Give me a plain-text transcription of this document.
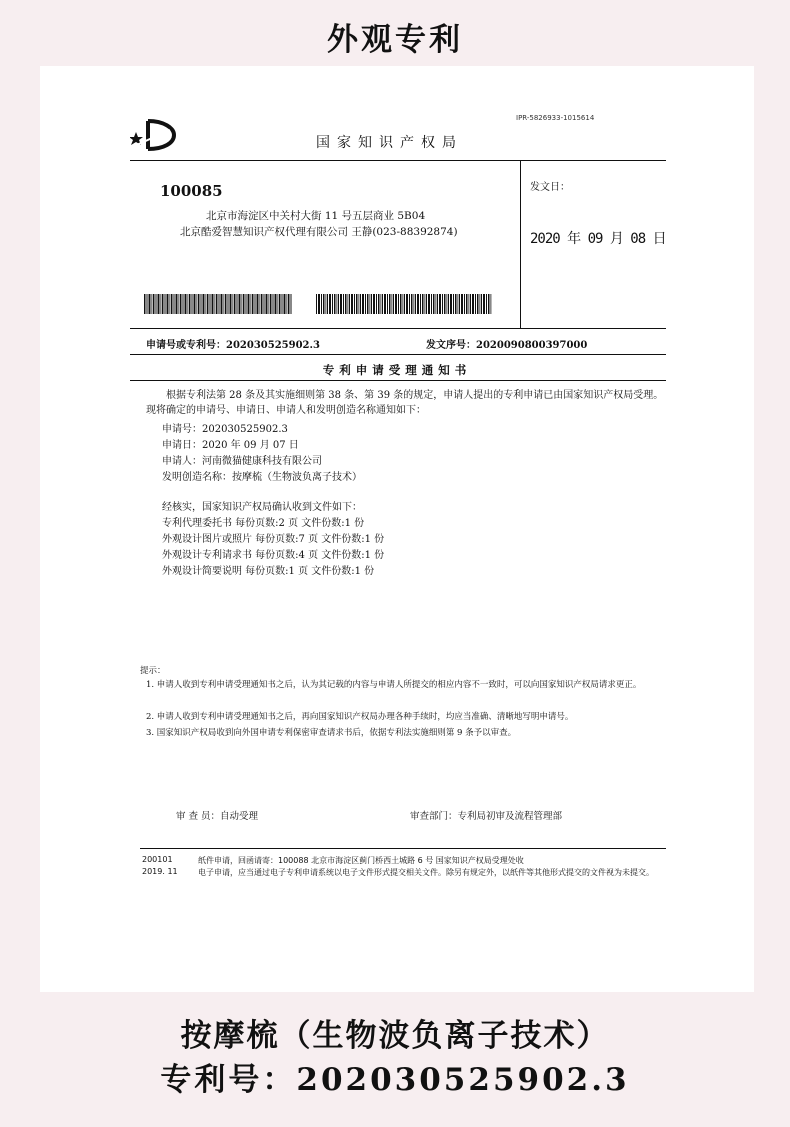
外观专利
IPR-5826933-1015614
国家知识产权局
100085
北京市海淀区中关村大街 11 号五层商业 5B04
北京酷爱智慧知识产权代理有限公司 王静(023-88392874)
发文日：
2020 年 09 月 08 日
申请号或专利号：202030525902.3	发文序号：2020090800397000
专利申请受理通知书
根据专利法第 28 条及其实施细则第 38 条、第 39 条的规定，申请人提出的专利申请已由国家知识产权局受理。现将确定的申请号、申请日、申请人和发明创造名称通知如下：
申请号：202030525902.3
申请日：2020 年 09 月 07 日
申请人：河南微猫健康科技有限公司
发明创造名称：按摩梳（生物波负离子技术）
经核实，国家知识产权局确认收到文件如下：
专利代理委托书 每份页数:2 页 文件份数:1 份
外观设计图片或照片 每份页数:7 页 文件份数:1 份
外观设计专利请求书 每份页数:4 页 文件份数:1 份
外观设计简要说明 每份页数:1 页 文件份数:1 份
提示：
1. 申请人收到专利申请受理通知书之后，认为其记载的内容与申请人所提交的相应内容不一致时，可以向国家知识产权局请求更正。
2. 申请人收到专利申请受理通知书之后，再向国家知识产权局办理各种手续时，均应当准确、清晰地写明申请号。
3. 国家知识产权局收到向外国申请专利保密审查请求书后，依据专利法实施细则第 9 条予以审查。
审 查 员：自动受理	审查部门：专利局初审及流程管理部
200101
2019. 11
纸件申请，回函请寄：100088 北京市海淀区蓟门桥西土城路 6 号 国家知识产权局受理处收
电子申请，应当通过电子专利申请系统以电子文件形式提交相关文件。除另有规定外，以纸件等其他形式提交的文件视为未提交。
按摩梳（生物波负离子技术）
专利号：202030525902.3
